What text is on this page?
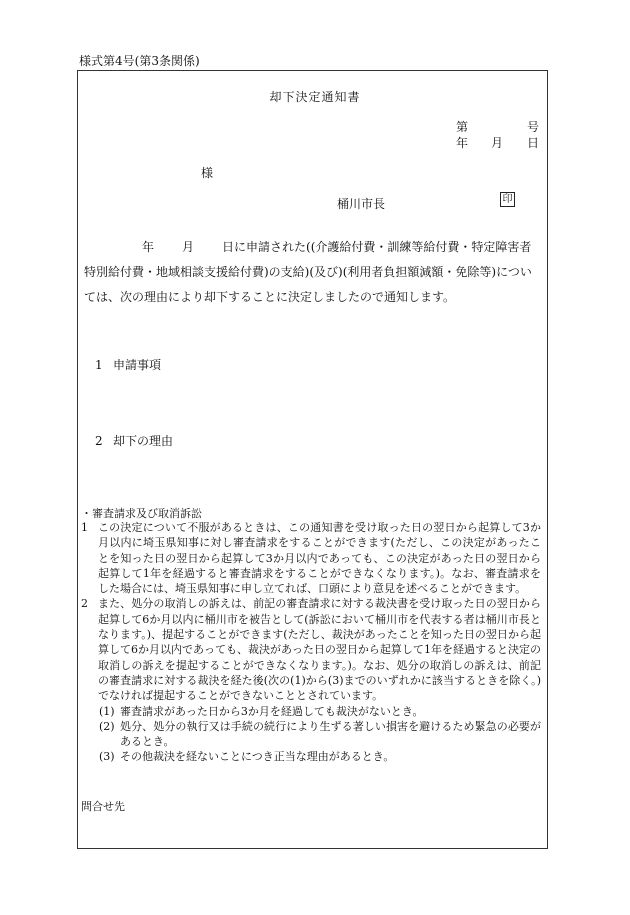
様式第4号(第3条関係)
却下決定通知書
第	号
年 月 日
様
桶川市長	印
年 月 日に申請された((介護給付費・訓練等給付費・特定障害者特別給付費・地域相談支援給付費)の支給)(及び)(利用者負担額減額・免除等)については、次の理由により却下することに決定しましたので通知します。
1 申請事項
2 却下の理由
・審査請求及び取消訴訟
1 この決定について不服があるときは、この通知書を受け取った日の翌日から起算して3か月以内に埼玉県知事に対し審査請求をすることができます(ただし、この決定があったことを知った日の翌日から起算して3か月以内であっても、この決定があった日の翌日から起算して1年を経過すると審査請求をすることができなくなります。)。なお、審査請求をした場合には、埼玉県知事に申し立てれば、口頭により意見を述べることができます。
2 また、処分の取消しの訴えは、前記の審査請求に対する裁決書を受け取った日の翌日から起算して6か月以内に桶川市を被告として(訴訟において桶川市を代表する者は桶川市長となります。)、提起することができます(ただし、裁決があったことを知った日の翌日から起算して6か月以内であっても、裁決があった日の翌日から起算して1年を経過すると決定の取消しの訴えを提起することができなくなります。)。なお、処分の取消しの訴えは、前記の審査請求に対する裁決を経た後(次の(1)から(3)までのいずれかに該当するときを除く。)でなければ提起することができないこととされています。
(1) 審査請求があった日から3か月を経過しても裁決がないとき。
(2) 処分、処分の執行又は手続の続行により生ずる著しい損害を避けるため緊急の必要があるとき。
(3) その他裁決を経ないことにつき正当な理由があるとき。
問合せ先
